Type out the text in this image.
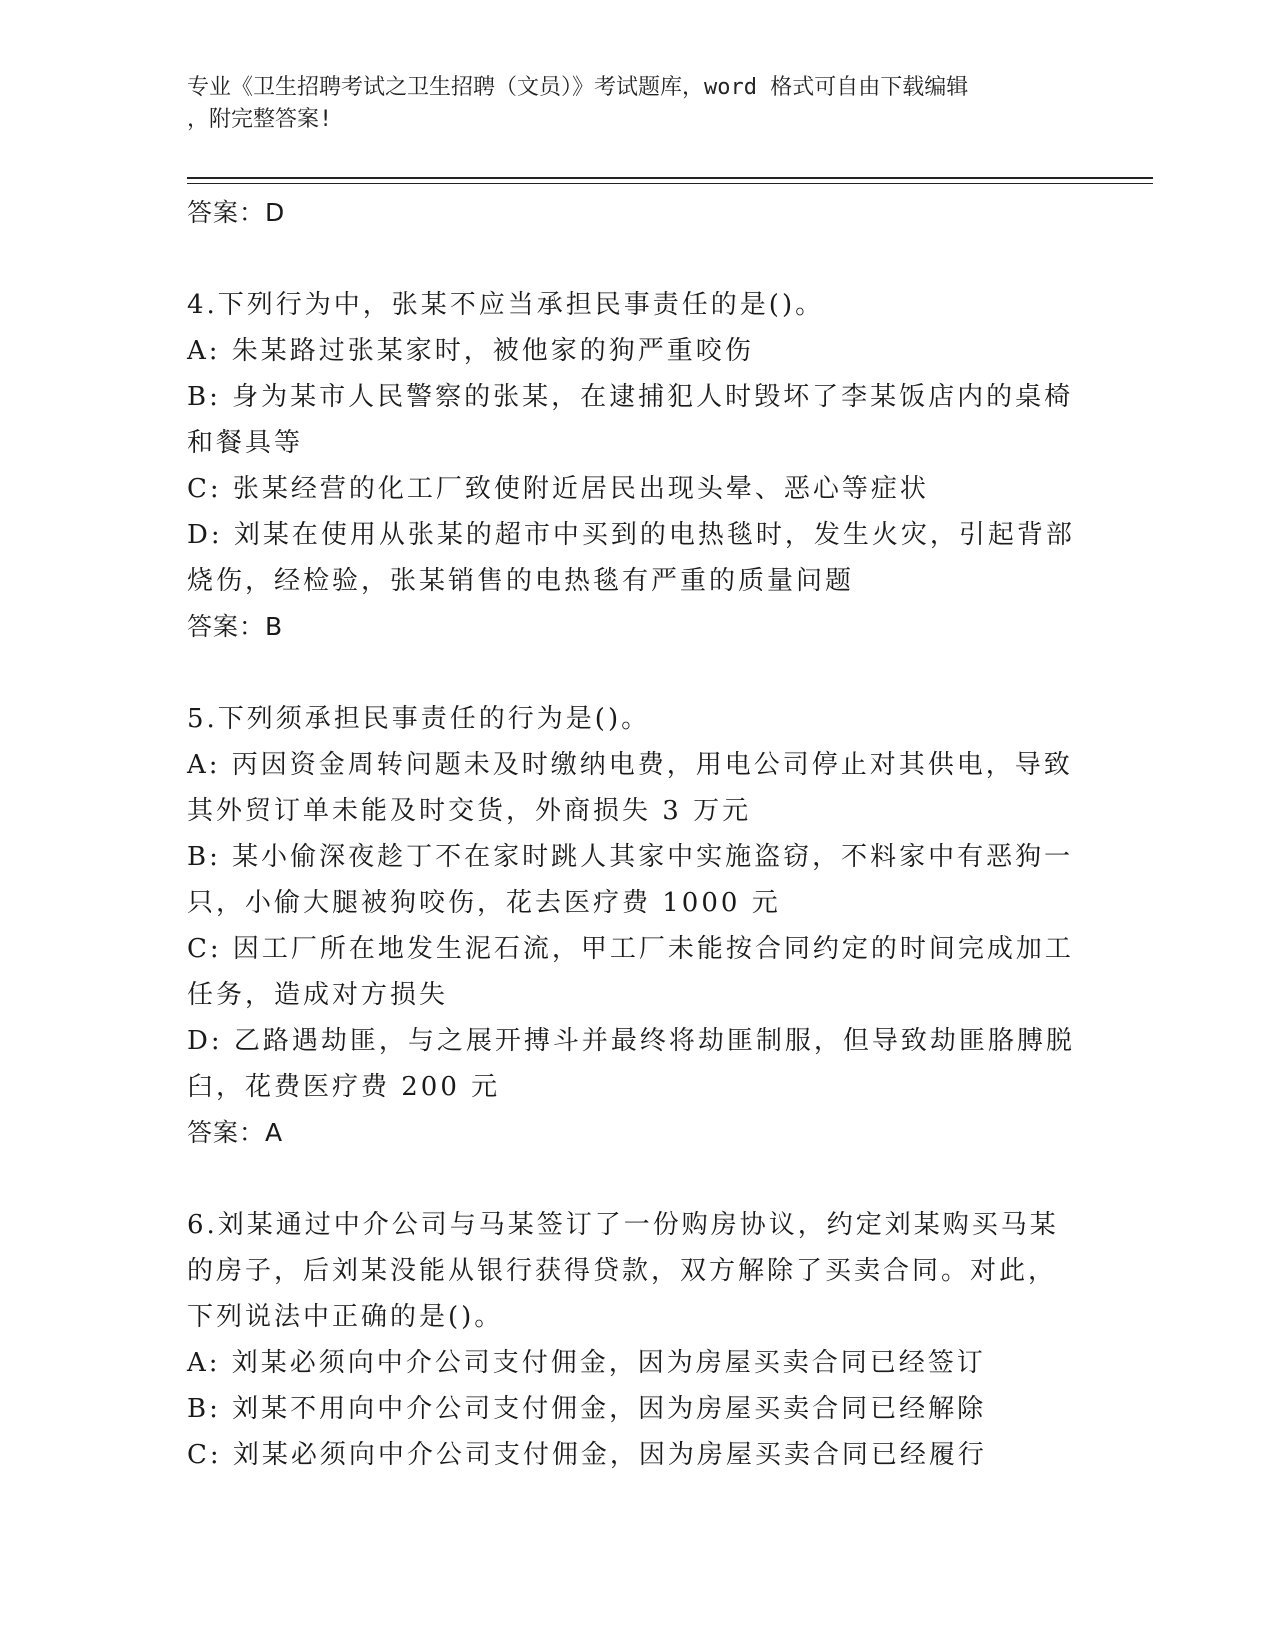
专业《卫生招聘考试之卫生招聘（文员）》考试题库，word 格式可自由下载编辑
，附完整答案!
答案：D
4.下列行为中，张某不应当承担民事责任的是()。
A: 朱某路过张某家时，被他家的狗严重咬伤
B: 身为某市人民警察的张某，在逮捕犯人时毁坏了李某饭店内的桌椅
和餐具等
C: 张某经营的化工厂致使附近居民出现头晕、恶心等症状
D: 刘某在使用从张某的超市中买到的电热毯时，发生火灾，引起背部
烧伤，经检验，张某销售的电热毯有严重的质量问题
答案：B
5.下列须承担民事责任的行为是()。
A: 丙因资金周转问题未及时缴纳电费，用电公司停止对其供电，导致
其外贸订单未能及时交货，外商损失 3 万元
B: 某小偷深夜趁丁不在家时跳人其家中实施盗窃，不料家中有恶狗一
只，小偷大腿被狗咬伤，花去医疗费 1000 元
C: 因工厂所在地发生泥石流，甲工厂未能按合同约定的时间完成加工
任务，造成对方损失
D: 乙路遇劫匪，与之展开搏斗并最终将劫匪制服，但导致劫匪胳膊脱
臼，花费医疗费 200 元
答案：A
6.刘某通过中介公司与马某签订了一份购房协议，约定刘某购买马某
的房子，后刘某没能从银行获得贷款，双方解除了买卖合同。对此，
下列说法中正确的是()。
A: 刘某必须向中介公司支付佣金，因为房屋买卖合同已经签订
B: 刘某不用向中介公司支付佣金，因为房屋买卖合同已经解除
C: 刘某必须向中介公司支付佣金，因为房屋买卖合同已经履行
